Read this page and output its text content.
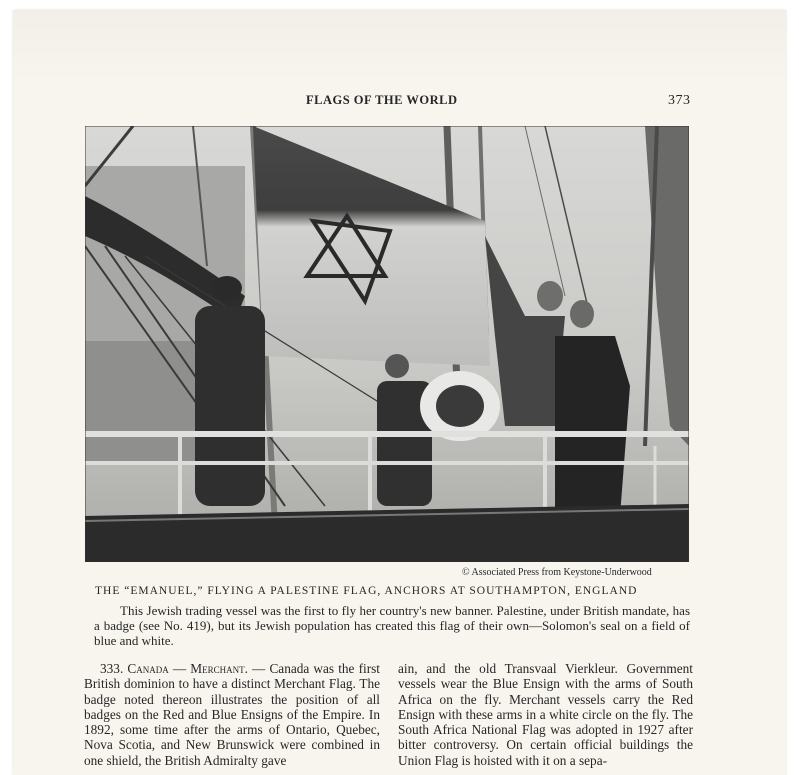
FLAGS OF THE WORLD	373
© Associated Press from Keystone-Underwood
THE “EMANUEL,” FLYING A PALESTINE FLAG, ANCHORS AT SOUTHAMPTON, ENGLAND
This Jewish trading vessel was the first to fly her country's new banner. Palestine, under British mandate, has a badge (see No. 419), but its Jewish population has created this flag of their own—Solomon's seal on a field of blue and white.
333. Canada — Merchant. — Canada was the first British dominion to have a distinct Merchant Flag. The badge noted thereon illustrates the position of all badges on the Red and Blue Ensigns of the Empire. In 1892, some time after the arms of Ontario, Quebec, Nova Scotia, and New Brunswick were combined in one shield, the British Admiralty gave
ain, and the old Transvaal Vierkleur. Government vessels wear the Blue Ensign with the arms of South Africa on the fly. Merchant vessels carry the Red Ensign with these arms in a white circle on the fly. The South Africa National Flag was adopted in 1927 after bitter controversy. On certain official buildings the Union Flag is hoisted with it on a sepa-
